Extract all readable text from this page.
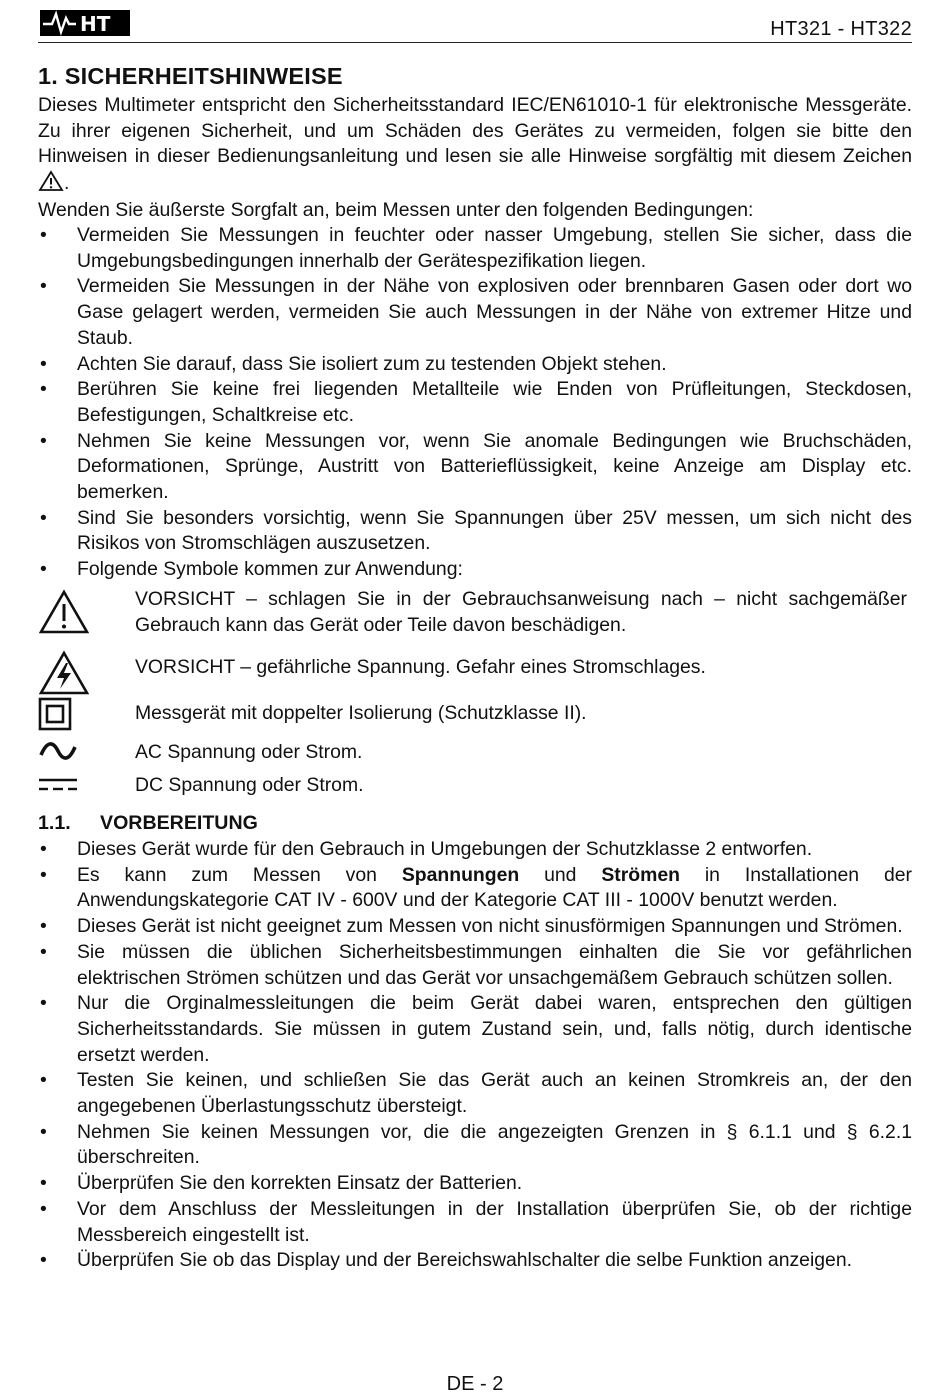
HT	HT321 - HT322
1. SICHERHEITSHINWEISE

Dieses Multimeter entspricht den Sicherheitsstandard IEC/EN61010-1 für elektronische Messgeräte. Zu ihrer eigenen Sicherheit, und um Schäden des Gerätes zu vermeiden, folgen sie bitte den Hinweisen in dieser Bedienungsanleitung und lesen sie alle Hinweise sorgfältig mit diesem Zeichen.

Wenden Sie äußerste Sorgfalt an, beim Messen unter den folgenden Bedingungen:

• Vermeiden Sie Messungen in feuchter oder nasser Umgebung, stellen Sie sicher, dass die Umgebungsbedingungen innerhalb der Gerätespezifikation liegen.
• Vermeiden Sie Messungen in der Nähe von explosiven oder brennbaren Gasen oder dort wo Gase gelagert werden, vermeiden Sie auch Messungen in der Nähe von extremer Hitze und Staub.
• Achten Sie darauf, dass Sie isoliert zum zu testenden Objekt stehen.
• Berühren Sie keine frei liegenden Metallteile wie Enden von Prüfleitungen, Steckdosen, Befestigungen, Schaltkreise etc.
• Nehmen Sie keine Messungen vor, wenn Sie anomale Bedingungen wie Bruchschäden, Deformationen, Sprünge, Austritt von Batterieflüssigkeit, keine Anzeige am Display etc. bemerken.
• Sind Sie besonders vorsichtig, wenn Sie Spannungen über 25V messen, um sich nicht des Risikos von Stromschlägen auszusetzen.
• Folgende Symbole kommen zur Anwendung:
VORSICHT – schlagen Sie in der Gebrauchsanweisung nach – nicht sachgemäßer Gebrauch kann das Gerät oder Teile davon beschädigen.
VORSICHT – gefährliche Spannung. Gefahr eines Stromschlages.
Messgerät mit doppelter Isolierung (Schutzklasse II).
AC Spannung oder Strom.
DC Spannung oder Strom.
1.1. VORBEREITUNG
• Dieses Gerät wurde für den Gebrauch in Umgebungen der Schutzklasse 2 entworfen.
• Es kann zum Messen von Spannungen und Strömen in Installationen der Anwendungskategorie CAT IV - 600V und der Kategorie CAT III - 1000V benutzt werden.
• Dieses Gerät ist nicht geeignet zum Messen von nicht sinusförmigen Spannungen und Strömen.
• Sie müssen die üblichen Sicherheitsbestimmungen einhalten die Sie vor gefährlichen elektrischen Strömen schützen und das Gerät vor unsachgemäßem Gebrauch schützen sollen.
• Nur die Orginalmessleitungen die beim Gerät dabei waren, entsprechen den gültigen Sicherheitsstandards. Sie müssen in gutem Zustand sein, und, falls nötig, durch identische ersetzt werden.
• Testen Sie keinen, und schließen Sie das Gerät auch an keinen Stromkreis an, der den angegebenen Überlastungsschutz übersteigt.
• Nehmen Sie keinen Messungen vor, die die angezeigten Grenzen in § 6.1.1 und § 6.2.1 überschreiten.
• Überprüfen Sie den korrekten Einsatz der Batterien.
• Vor dem Anschluss der Messleitungen in der Installation überprüfen Sie, ob der richtige Messbereich eingestellt ist.
• Überprüfen Sie ob das Display und der Bereichswahlschalter die selbe Funktion anzeigen.
DE - 2
